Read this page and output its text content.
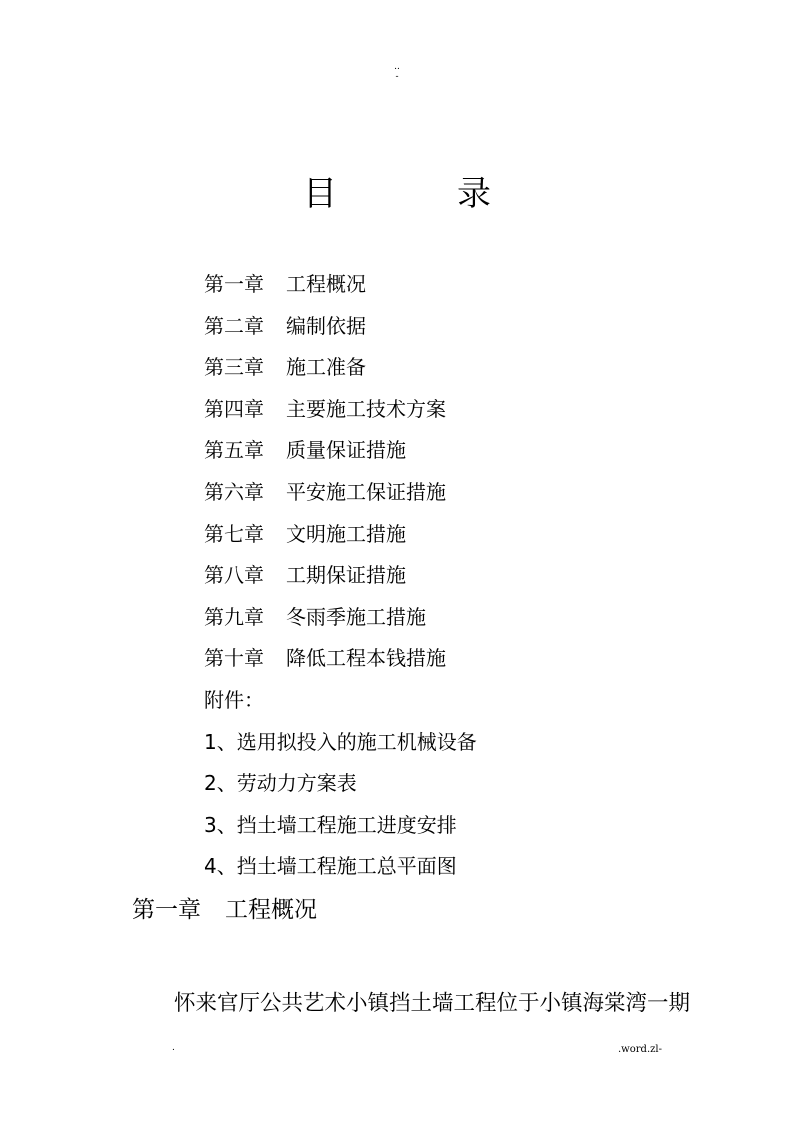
..
-
目	录
第一章 工程概况
第二章 编制依据
第三章 施工准备
第四章 主要施工技术方案
第五章 质量保证措施
第六章 平安施工保证措施
第七章 文明施工措施
第八章 工期保证措施
第九章 冬雨季施工措施
第十章 降低工程本钱措施
附件：
1、选用拟投入的施工机械设备
2、劳动力方案表
3、挡土墙工程施工进度安排
4、挡土墙工程施工总平面图
第一章 工程概况
怀来官厅公共艺术小镇挡土墙工程位于小镇海棠湾一期
.	.word.zl-
